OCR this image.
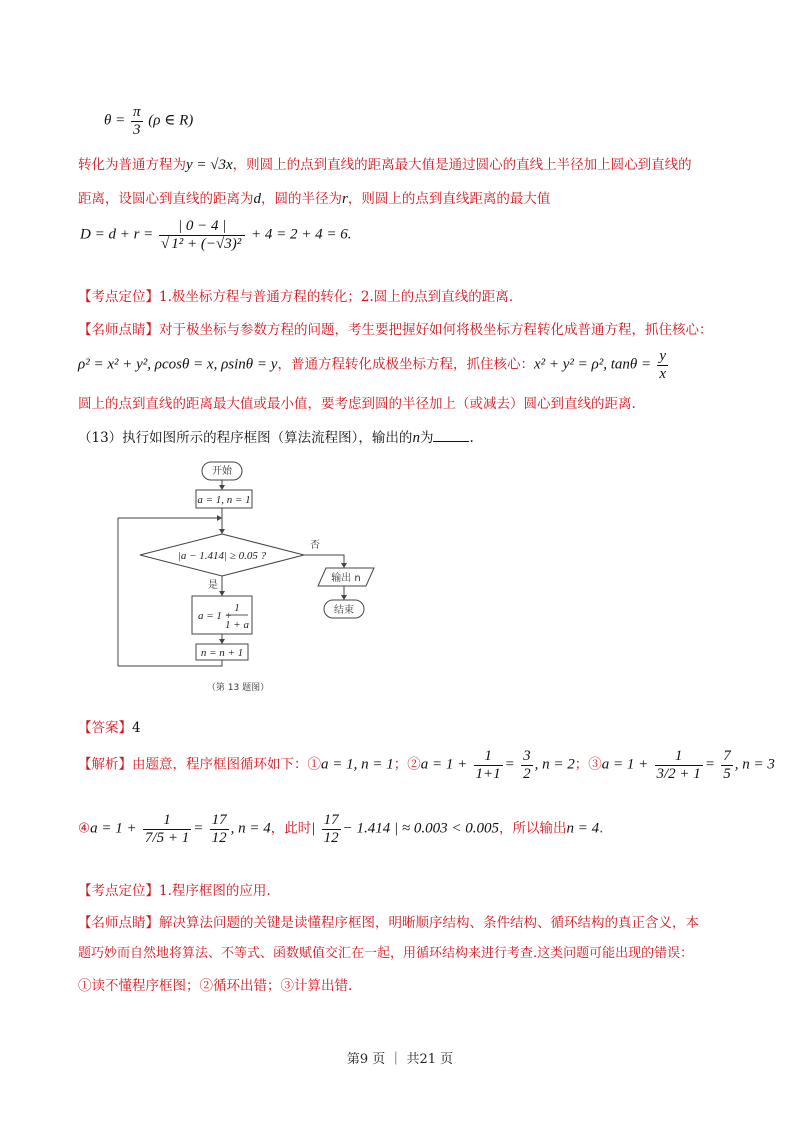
$\theta = \frac{\pi}{3} (\rho$ ∈ R)
转化为普通方程为y = √3x，则圆上的点到直线的距离最大值是通过圆心的直线上半径加上圆心到直线的
距离，设圆心到直线的距离为d，圆的半径为r，则圆上的点到直线距离的最大值
$D = d + r = \frac{| 0 - 4 |}{\text{√ 1² + (−√3)²}} + 4 = 2 + 4 = 6$.
【考点定位】1.极坐标方程与普通方程的转化；2.圆上的点到直线的距离.
【名师点睛】对于极坐标与参数方程的问题，考生要把握好如何将极坐标方程转化成普通方程，抓住核心：
ρ² = x² + y², ρcosθ = x, ρsinθ = y，普通方程转化成极坐标方程，抓住核心：x² + y² = ρ², $\tan\theta = \frac{y}{x}$
圆上的点到直线的距离最大值或最小值，要考虑到圆的半径加上（或减去）圆心到直线的距离.
（13）执行如图所示的程序框图（算法流程图），输出的n为	.
开始
a = 1, n = 1
|a − 1.414| ≥ 0.05 ?
否
是
a = 1 +
1
1 + a
n = n + 1
输出 n
结束
（第 13 题图）
【答案】4
【解析】由题意，程序框图循环如下：①a = 1, n = 1；②a = $1 + \frac{1}{1+1} = \frac{3}{2}$ , n = 2；③a = $1 + \frac{1}{3/2 + 1} = \frac{7}{5}$ , n = 3
④a = $1 + \frac{1}{7/5 + 1} = \frac{17}{12}$ , n = 4，此时| $\frac{17}{12} - 1.414$ | ≈ 0.003 < 0.005，所以输出n = 4.
【考点定位】1.程序框图的应用.
【名师点睛】解决算法问题的关键是读懂程序框图，明晰顺序结构、条件结构、循环结构的真正含义，本
题巧妙而自然地将算法、不等式、函数赋值交汇在一起，用循环结构来进行考查.这类问题可能出现的错误：
①读不懂程序框图；②循环出错；③计算出错.
第9 页 ｜ 共21 页
